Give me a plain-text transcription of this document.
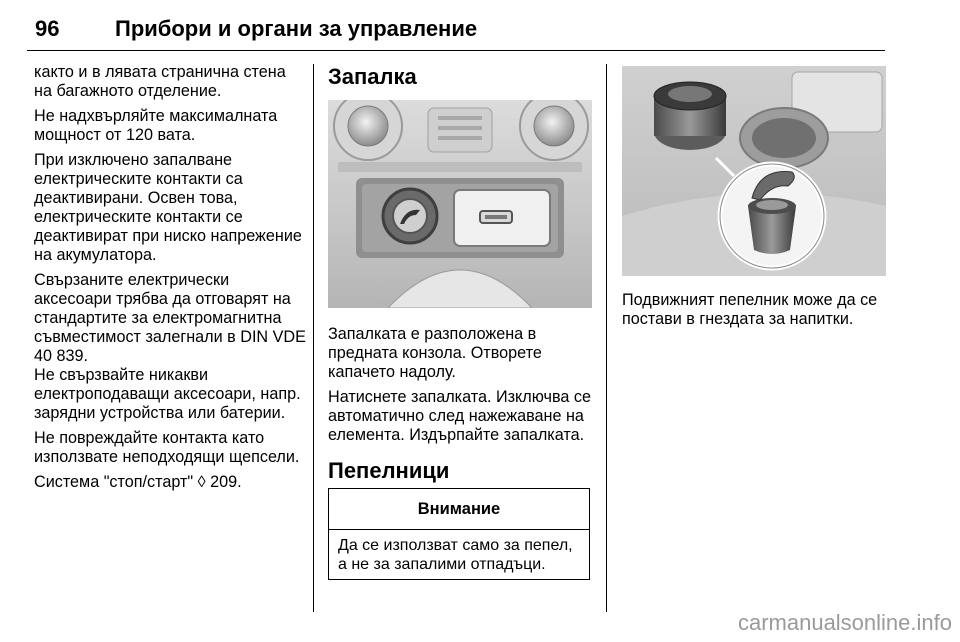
96	Прибори и органи за управление

както и в лявата странична стена на багажното отделение.

Не надхвърляйте максималната мощност от 120 вата.

При изключено запалване електрическите контакти са деактивирани. Освен това, електрическите контакти се деактивират при ниско напрежение на акумулатора.

Свързаните електрически аксесоари трябва да отговарят на стандартите за електромагнитна съвместимост залегнали в DIN VDE 40 839.

Не свързвайте никакви електроподаващи аксесоари, напр. зарядни устройства или батерии.

Не повреждайте контакта като използвате неподходящи щепсели.

Система "стоп/старт" ◊ 209.

Запалка

Запалката е разположена в предната конзола. Отворете капачето надолу.

Натиснете запалката. Изключва се автоматично след нажежаване на елемента. Издърпайте запалката.

Пепелници
Внимание
Да се използват само за пепел, а не за запалими отпадъци.

Подвижният пепелник може да се постави в гнездата за напитки.

carmanualsonline.info
